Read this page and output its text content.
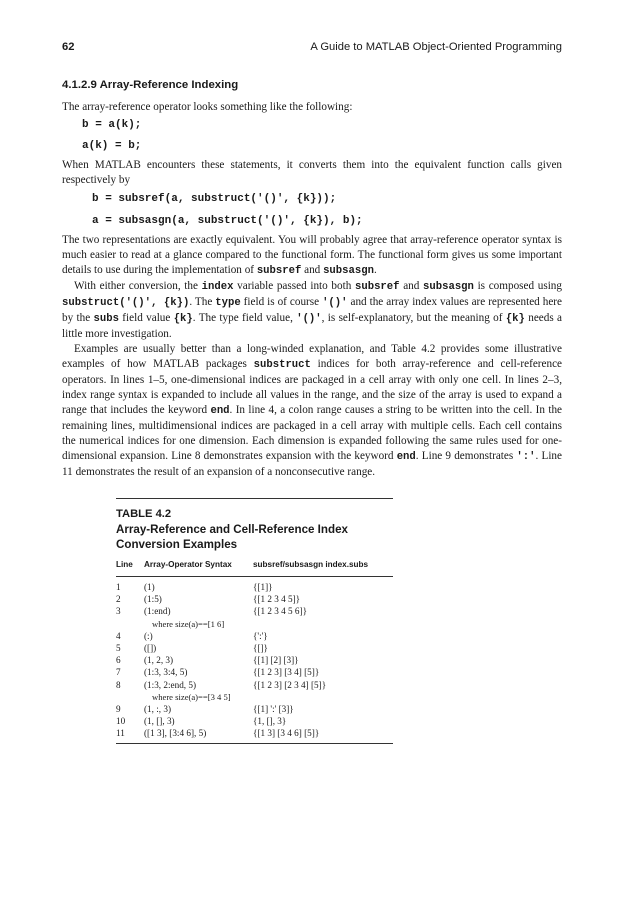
62	A Guide to MATLAB Object-Oriented Programming
4.1.2.9 Array-Reference Indexing

The array-reference operator looks something like the following:

b = a(k);
a(k) = b;

When MATLAB encounters these statements, it converts them into the equivalent function calls given respectively by

b = subsref(a, substruct('()', {k}));
a = subsasgn(a, substruct('()', {k}), b);

The two representations are exactly equivalent. You will probably agree that array-reference operator syntax is much easier to read at a glance compared to the functional form. The functional form gives us some important details to use during the implementation of subsref and subsasgn.

With either conversion, the index variable passed into both subsref and subsasgn is composed using substruct('()', {k}). The type field is of course '()' and the array index values are represented here by the subs field value {k}. The type field value, '()', is self-explanatory, but the meaning of {k} needs a little more investigation.

Examples are usually better than a long-winded explanation, and Table 4.2 provides some illustrative examples of how MATLAB packages substruct indices for both array-reference and cell-reference operators. In lines 1–5, one-dimensional indices are packaged in a cell array with only one cell. In lines 2–3, index range syntax is expanded to include all values in the range, and the size of the array is used to expand a range that includes the keyword end. In line 4, a colon range causes a string to be written into the cell. In the remaining lines, multidimensional indices are packaged in a cell array with multiple cells. Each cell contains the numerical indices for one dimension. Each dimension is expanded following the same rules used for one-dimensional expansion. Line 8 demonstrates expansion with the keyword end. Line 9 demonstrates ':'. Line 11 demonstrates the result of an expansion of a nonconsecutive range.

TABLE 4.2
Array-Reference and Cell-Reference Index
Conversion Examples
Line	Array-Operator Syntax	subsref/subsasgn index.subs
1	(1)	{[1]}
2	(1:5)	{[1 2 3 4 5]}
3	(1:end)	{[1 2 3 4 5 6]}
	where size(a)==[1 6]	
4	(:)	{':'}
5	([])	{[]}
6	(1, 2, 3)	{[1] [2] [3]}
7	(1:3, 3:4, 5)	{[1 2 3] [3 4] [5]}
8	(1:3, 2:end, 5)	{[1 2 3] [2 3 4] [5]}
	where size(a)==[3 4 5]	
9	(1, :, 3)	{[1] ':' [3]}
10	(1, [], 3)	{1, [], 3}
11	([1 3], [3:4 6], 5)	{[1 3] [3 4 6] [5]}
